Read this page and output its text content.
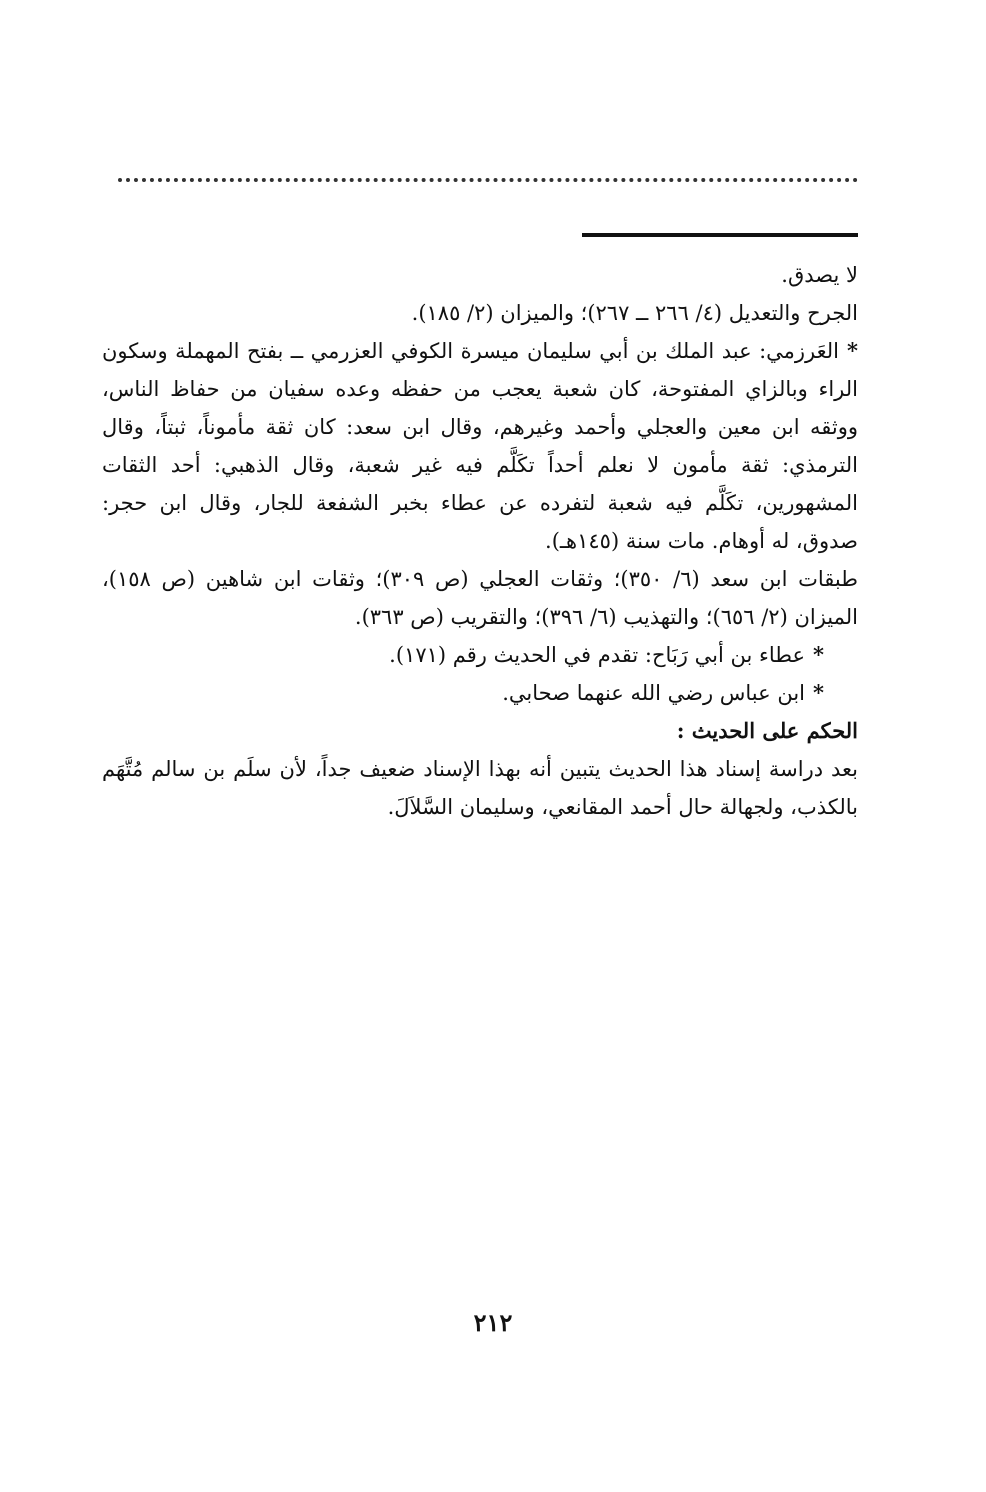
لا يصدق.

الجرح والتعديل (٤/ ٢٦٦ ــ ٢٦٧)؛ والميزان (٢/ ١٨٥).

*العَرزمي: عبد الملك بن أبي سليمان ميسرة الكوفي العزرمي ــ بفتح المهملة وسكون الراء وبالزاي المفتوحة، كان شعبة يعجب من حفظه وعده سفيان من حفاظ الناس، ووثقه ابن معين والعجلي وأحمد وغيرهم، وقال ابن سعد: كان ثقة مأموناً، ثبتاً، وقال الترمذي: ثقة مأمون لا نعلم أحداً تكَلَّم فيه غير شعبة، وقال الذهبي: أحد الثقات المشهورين، تكَلَّم فيه شعبة لتفرده عن عطاء بخبر الشفعة للجار، وقال ابن حجر: صدوق، له أوهام. مات سنة (١٤٥هـ).

طبقات ابن سعد (٦/ ٣٥٠)؛ وثقات العجلي (ص ٣٠٩)؛ وثقات ابن شاهين (ص ١٥٨)، الميزان (٢/ ٦٥٦)؛ والتهذيب (٦/ ٣٩٦)؛ والتقريب (ص ٣٦٣).

*عطاء بن أبي رَبَاح: تقدم في الحديث رقم (١٧١).

*ابن عباس رضي الله عنهما صحابي.

الحكم على الحديث :

بعد دراسة إسناد هذا الحديث يتبين أنه بهذا الإسناد ضعيف جداً، لأن سلَم بن سالم مُتَّهَم بالكذب، ولجهالة حال أحمد المقانعي، وسليمان السَّلاَلَ.

٢١٢
